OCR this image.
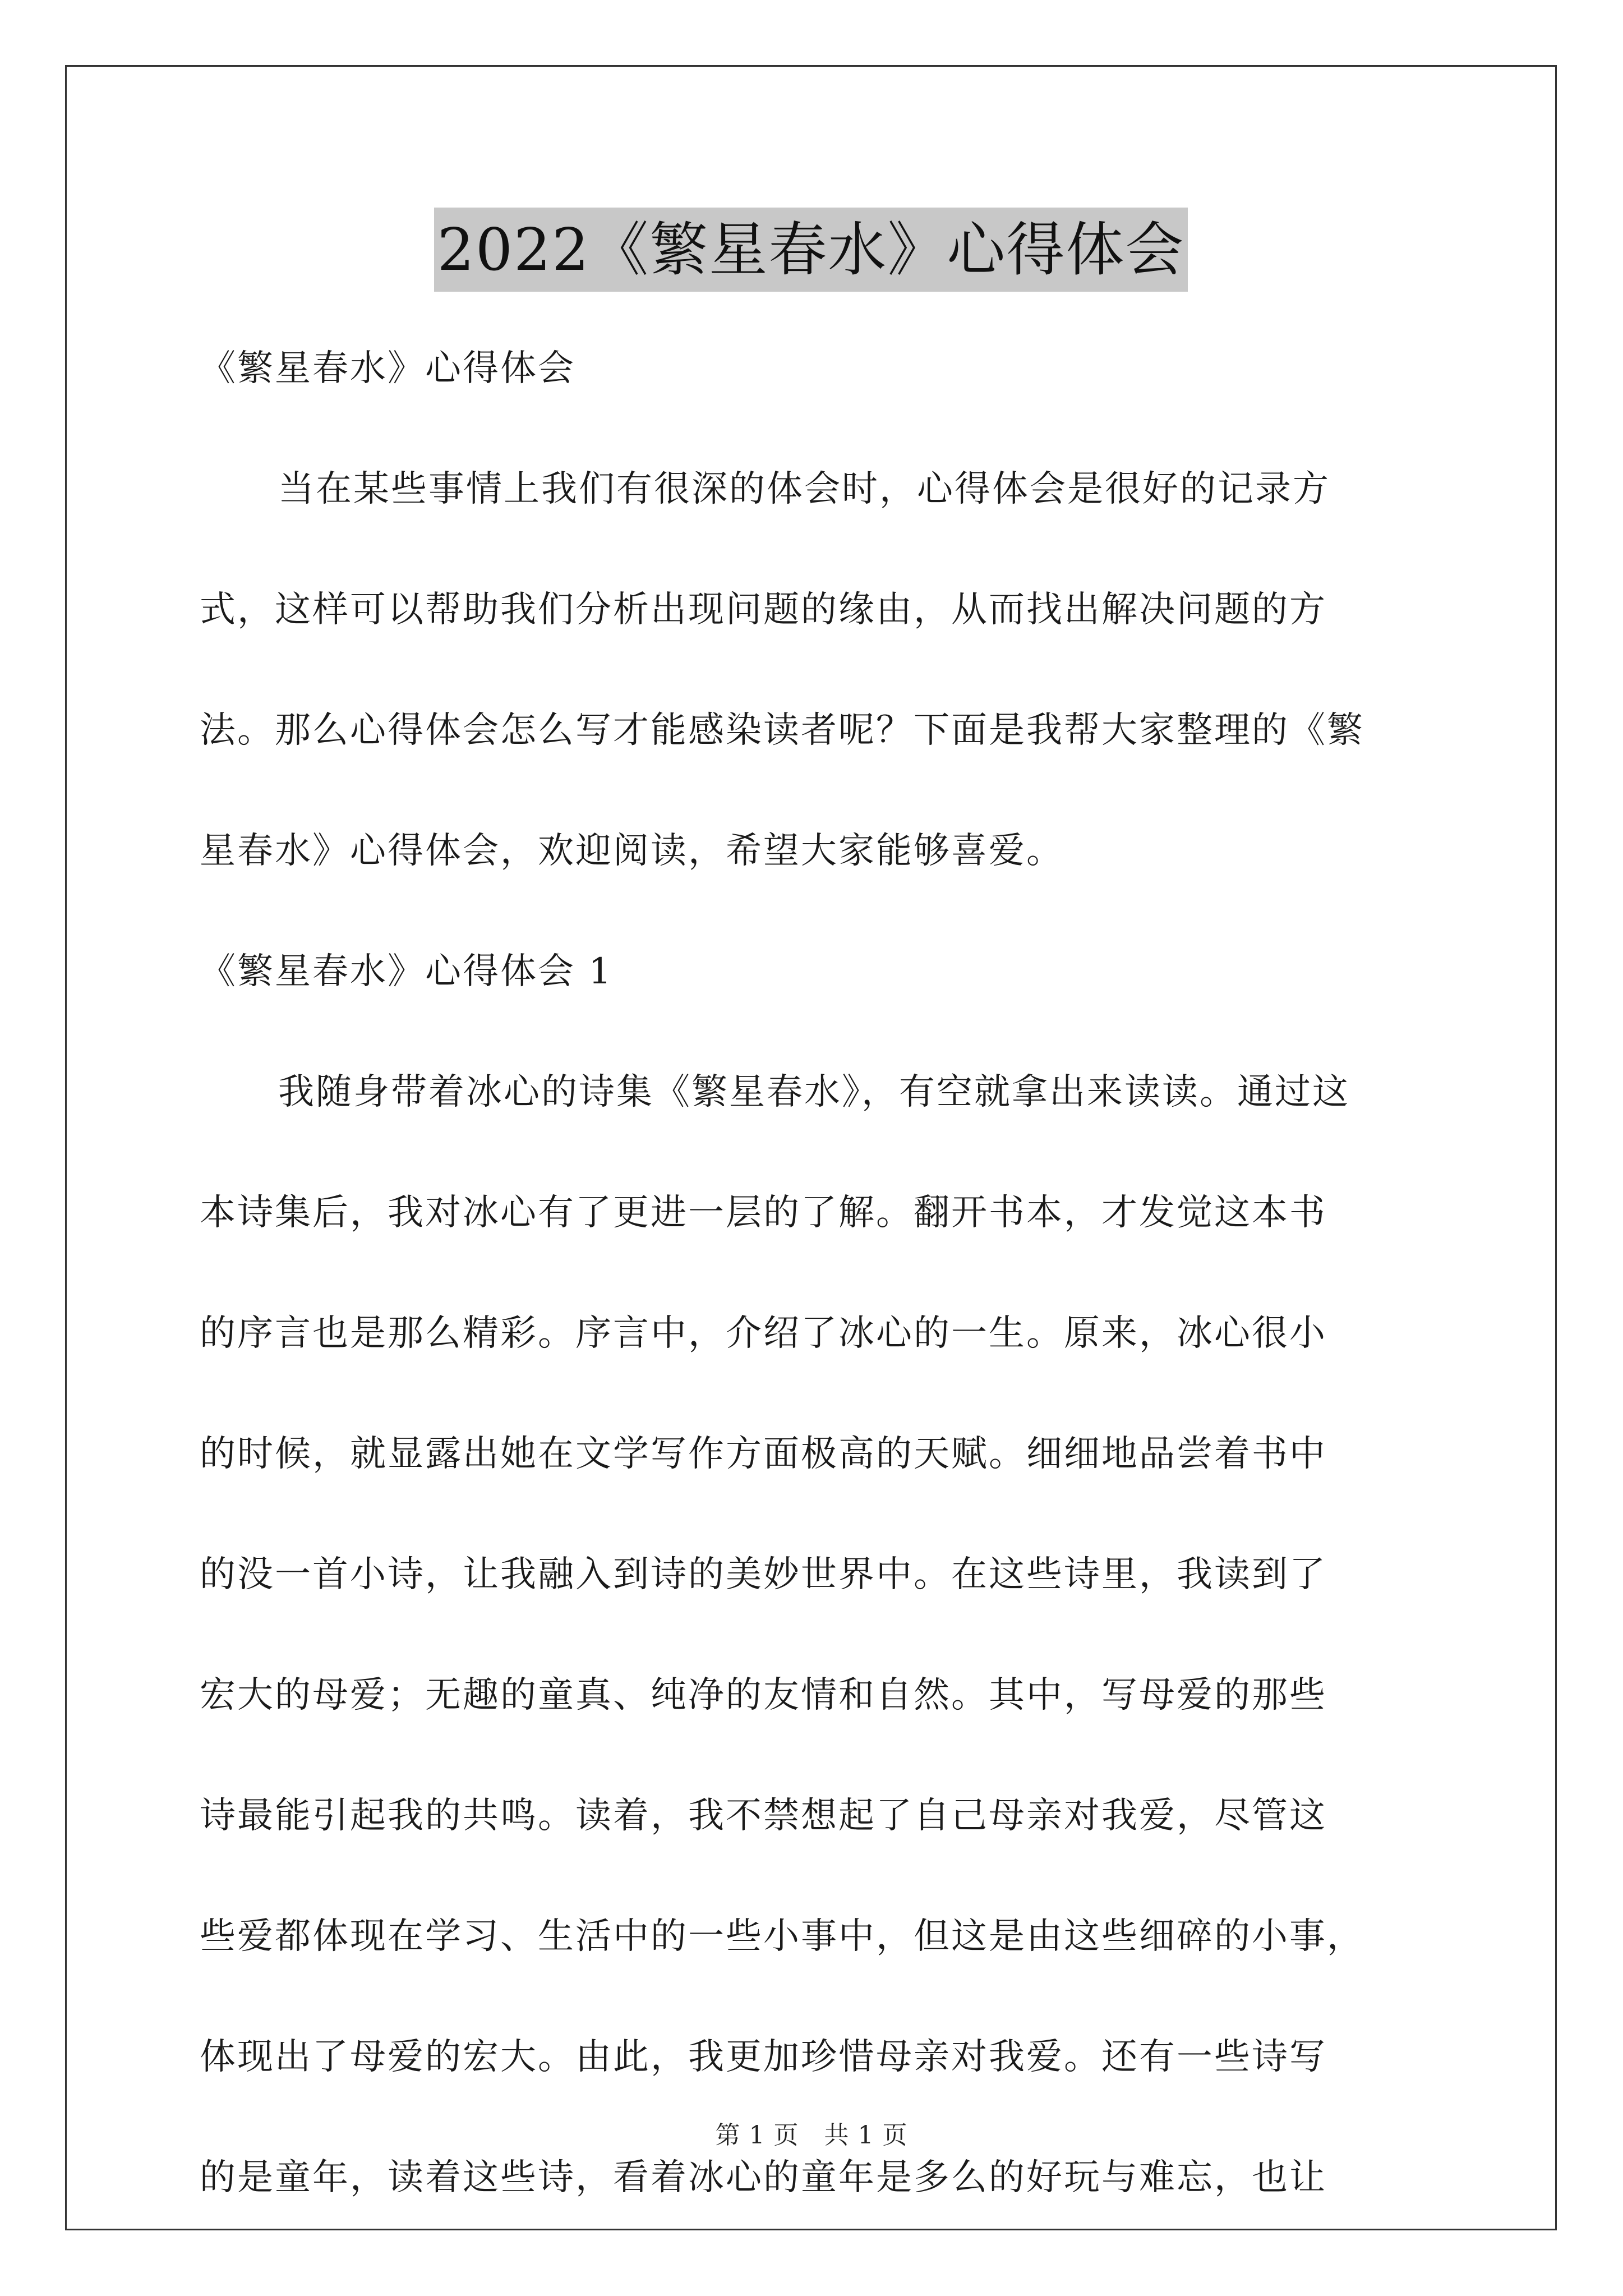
2022《繁星春水》心得体会
《繁星春水》心得体会
当在某些事情上我们有很深的体会时，心得体会是很好的记录方
式，这样可以帮助我们分析出现问题的缘由，从而找出解决问题的方
法。那么心得体会怎么写才能感染读者呢？下面是我帮大家整理的《繁
星春水》心得体会，欢迎阅读，希望大家能够喜爱。
《繁星春水》心得体会 1
我随身带着冰心的诗集《繁星春水》，有空就拿出来读读。通过这
本诗集后，我对冰心有了更进一层的了解。翻开书本，才发觉这本书
的序言也是那么精彩。序言中，介绍了冰心的一生。原来，冰心很小
的时候，就显露出她在文学写作方面极高的天赋。细细地品尝着书中
的没一首小诗，让我融入到诗的美妙世界中。在这些诗里，我读到了
宏大的母爱；无趣的童真、纯净的友情和自然。其中，写母爱的那些
诗最能引起我的共鸣。读着，我不禁想起了自己母亲对我爱，尽管这
些爱都体现在学习、生活中的一些小事中，但这是由这些细碎的小事，
体现出了母爱的宏大。由此，我更加珍惜母亲对我爱。还有一些诗写
的是童年，读着这些诗，看着冰心的童年是多么的好玩与难忘，也让
第 1 页　共 1 页
